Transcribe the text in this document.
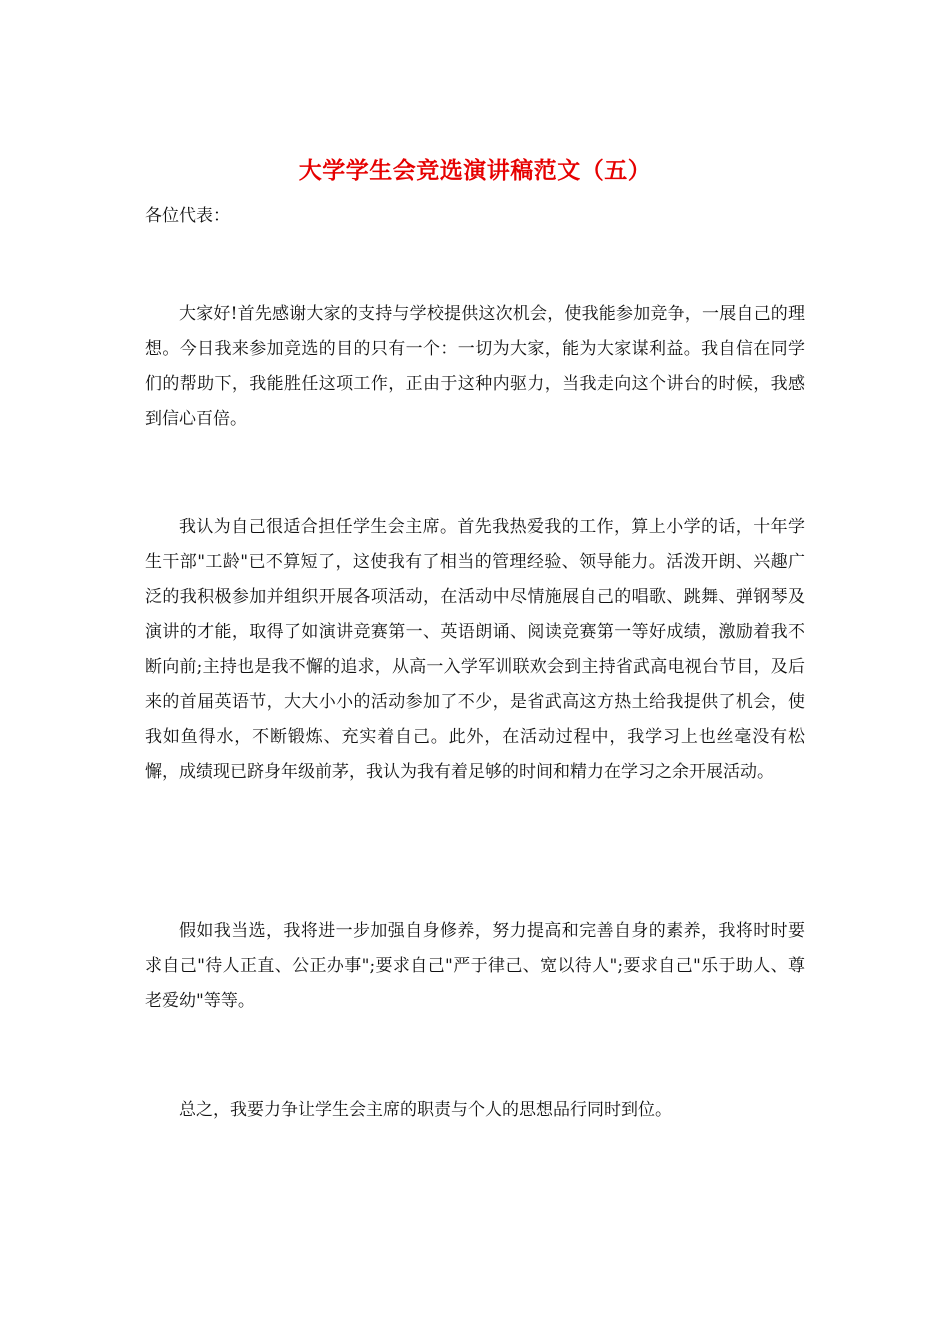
大学学生会竞选演讲稿范文（五）
各位代表：

大家好!首先感谢大家的支持与学校提供这次机会，使我能参加竞争，一展自己的理想。今日我来参加竞选的目的只有一个：一切为大家，能为大家谋利益。我自信在同学们的帮助下，我能胜任这项工作，正由于这种内驱力，当我走向这个讲台的时候，我感到信心百倍。

我认为自己很适合担任学生会主席。首先我热爱我的工作，算上小学的话，十年学生干部"工龄"已不算短了，这使我有了相当的管理经验、领导能力。活泼开朗、兴趣广泛的我积极参加并组织开展各项活动，在活动中尽情施展自己的唱歌、跳舞、弹钢琴及演讲的才能，取得了如演讲竞赛第一、英语朗诵、阅读竞赛第一等好成绩，激励着我不断向前;主持也是我不懈的追求，从高一入学军训联欢会到主持省武高电视台节目，及后来的首届英语节，大大小小的活动参加了不少，是省武高这方热土给我提供了机会，使我如鱼得水，不断锻炼、充实着自己。此外，在活动过程中，我学习上也丝毫没有松懈，成绩现已跻身年级前茅，我认为我有着足够的时间和精力在学习之余开展活动。

假如我当选，我将进一步加强自身修养，努力提高和完善自身的素养，我将时时要求自己"待人正直、公正办事";要求自己"严于律己、宽以待人";要求自己"乐于助人、尊老爱幼"等等。

总之，我要力争让学生会主席的职责与个人的思想品行同时到位。
